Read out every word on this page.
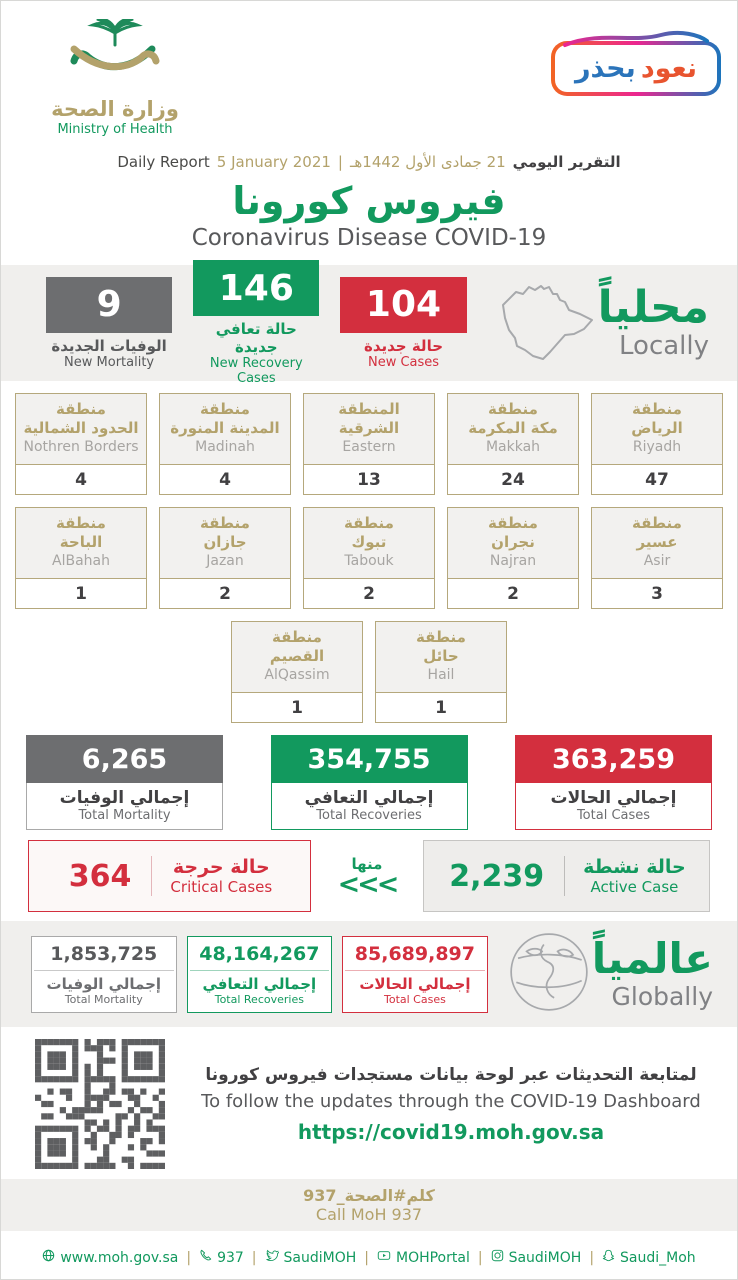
وزارة الصحة
Ministry of Health
نعود بحذر
Daily Report 5 January 2021 | 21 جمادى الأول 1442هـ التقرير اليومي
فيروس كورونا
Coronavirus Disease COVID-19
9
الوفيات الجديدة
New Mortality
146
حالة تعافي جديدة
New Recovery Cases
104
حالة جديدة
New Cases
محلياً
Locally
منطقة
الحدود الشمالية
Nothren Borders
4
منطقة
المدينة المنورة
Madinah
4
المنطقة
الشرقية
Eastern
13
منطقة
مكة المكرمة
Makkah
24
منطقة
الرياض
Riyadh
47
منطقة
الباحة
AlBahah
1
منطقة
جازان
Jazan
2
منطقة
تبوك
Tabouk
2
منطقة
نجران
Najran
2
منطقة
عسير
Asir
3
منطقة
القصيم
AlQassim
1
منطقة
حائل
Hail
1
6,265
إجمالي الوفيات
Total Mortality
354,755
إجمالي التعافي
Total Recoveries
363,259
إجمالي الحالات
Total Cases
364	حالة حرجة
Critical Cases
منها
<<<	2,239	حالة نشطة
Active Case
1,853,725
إجمالي الوفيات
Total Mortality
48,164,267
إجمالي التعافي
Total Recoveries
85,689,897
إجمالي الحالات
Total Cases
عالمياً
Globally
لمتابعة التحديثات عبر لوحة بيانات مستجدات فيروس كورونا
To follow the updates through the COVID-19 Dashboard
https://covid19.moh.gov.sa
كلم#الصحة_937
Call MoH 937
www.moh.gov.sa | 937 | SaudiMOH | MOHPortal | SaudiMOH | Saudi_Moh
